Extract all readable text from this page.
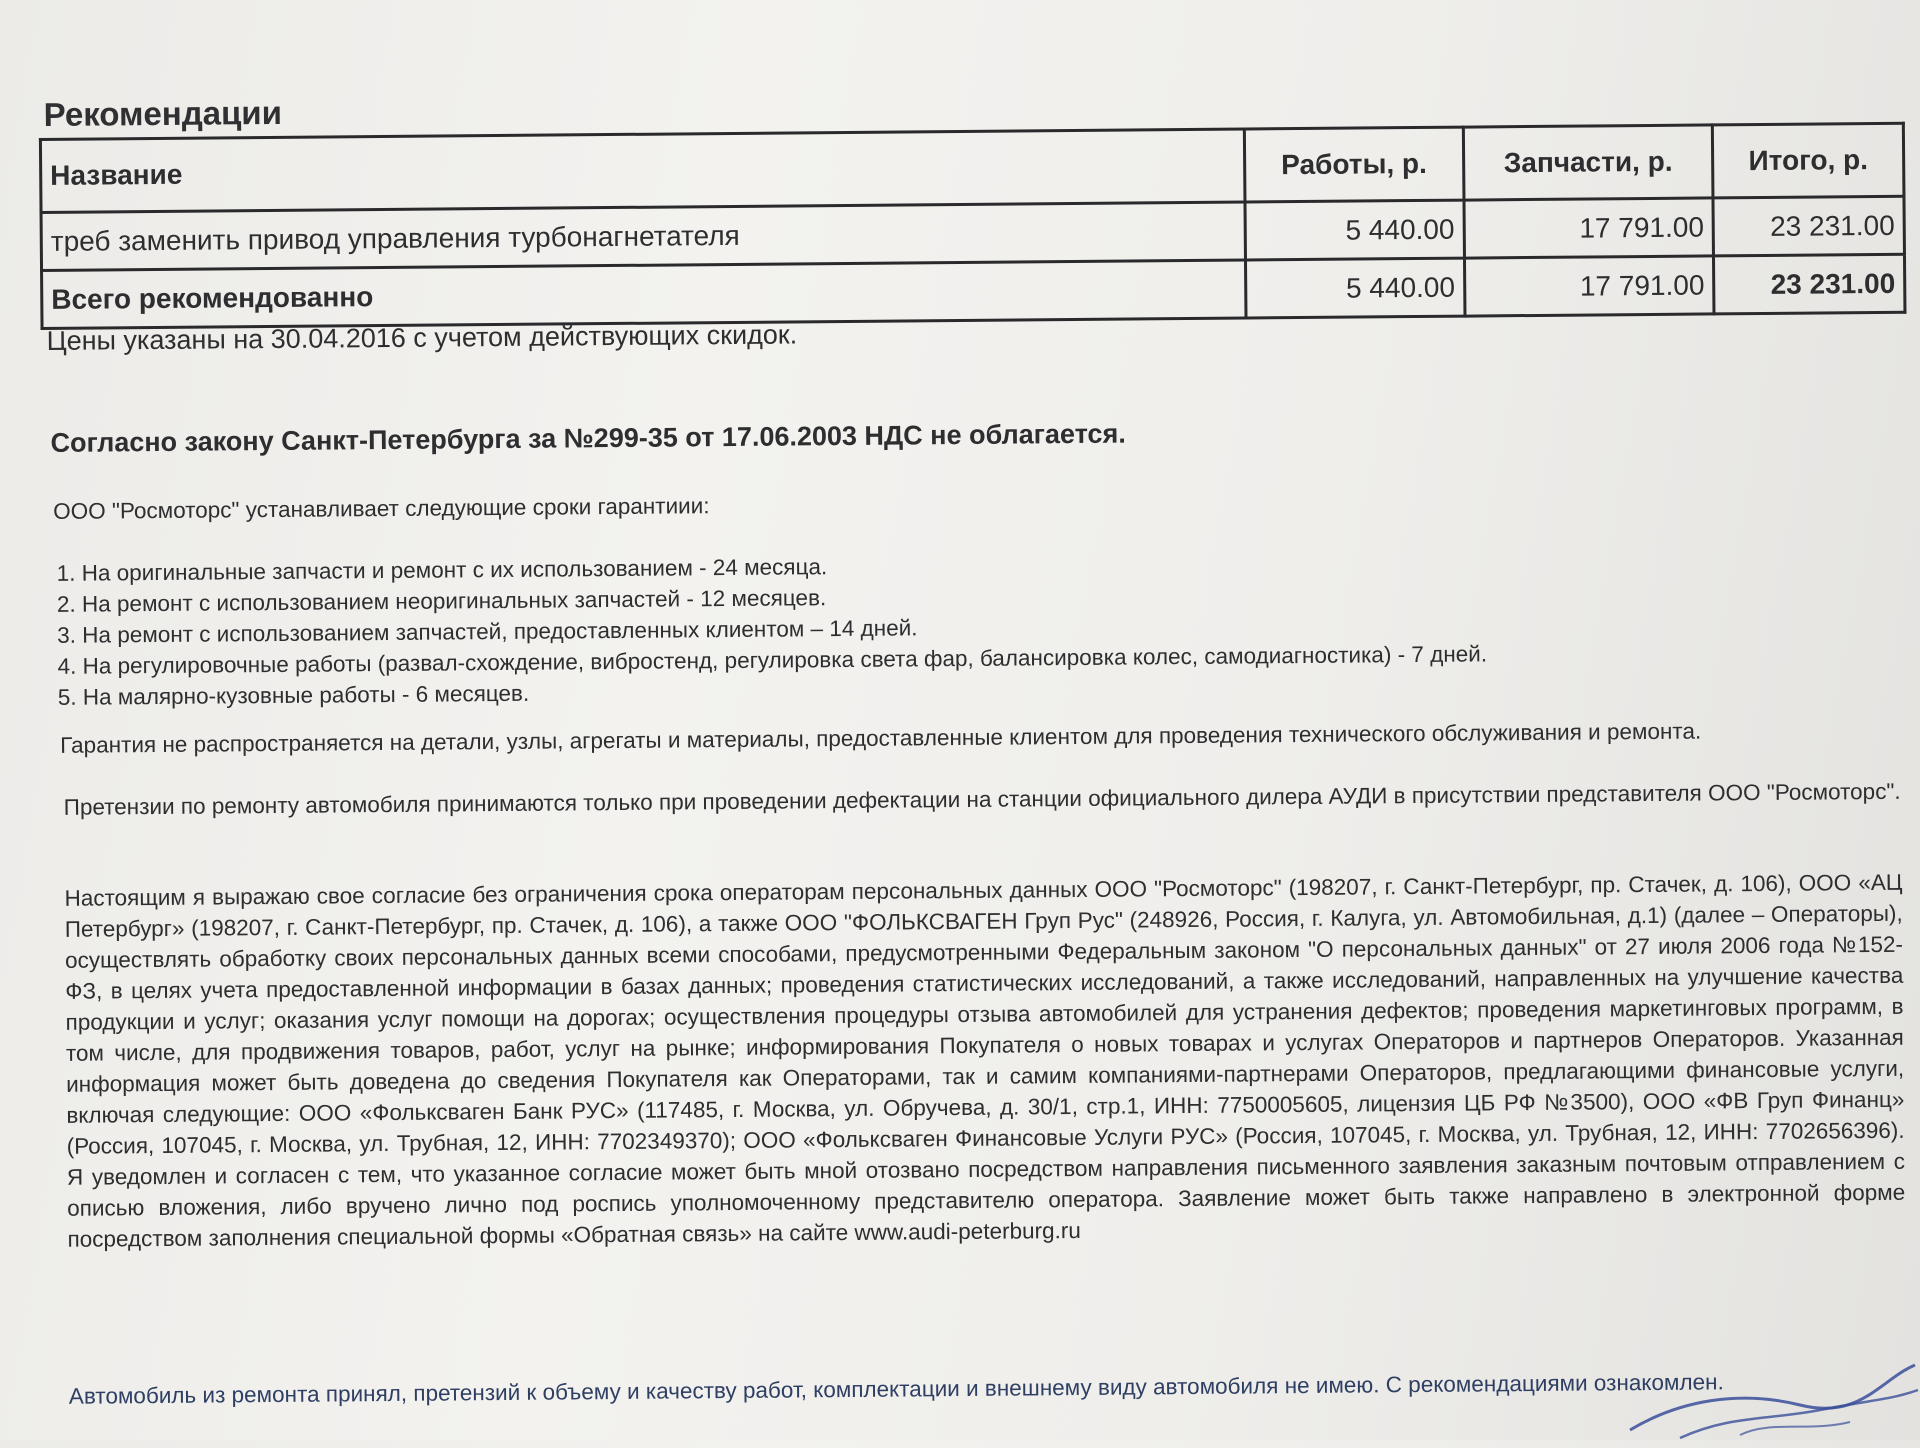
Рекомендации
Название	Работы, р.	Запчасти, р.	Итого, р.
треб заменить привод управления турбонагнетателя	5 440.00	17 791.00	23 231.00
Всего рекомендованно	5 440.00	17 791.00	23 231.00
Цены указаны на 30.04.2016 с учетом действующих скидок.
Согласно закону Санкт-Петербурга за №299-35 от 17.06.2003 НДС не облагается.
ООО "Росмоторс" устанавливает следующие сроки гарантиии:
1. На оригинальные запчасти и ремонт с их использованием - 24 месяца.
2. На ремонт с использованием неоригинальных запчастей - 12 месяцев.
3. На ремонт с использованием запчастей, предоставленных клиентом – 14 дней.
4. На регулировочные работы (развал-схождение, вибростенд, регулировка света фар, балансировка колес, самодиагностика) - 7 дней.
5. На малярно-кузовные работы - 6 месяцев.
Гарантия не распространяется на детали, узлы, агрегаты и материалы, предоставленные клиентом для проведения технического обслуживания и ремонта.
Претензии по ремонту автомобиля принимаются только при проведении дефектации на станции официального дилера АУДИ в присутствии представителя ООО "Росмоторс".
Настоящим я выражаю свое согласие без ограничения срока операторам персональных данных ООО "Росмоторс" (198207, г. Санкт-Петербург, пр. Стачек, д. 106), ООО «АЦ Петербург» (198207, г. Санкт-Петербург, пр. Стачек, д. 106), а также ООО "ФОЛЬКСВАГЕН Груп Рус" (248926, Россия, г. Калуга, ул. Автомобильная, д.1) (далее – Операторы), осуществлять обработку своих персональных данных всеми способами, предусмотренными Федеральным законом "О персональных данных" от 27 июля 2006 года №152-ФЗ, в целях учета предоставленной информации в базах данных; проведения статистических исследований, а также исследований, направленных на улучшение качества продукции и услуг; оказания услуг помощи на дорогах; осуществления процедуры отзыва автомобилей для устранения дефектов; проведения маркетинговых программ, в том числе, для продвижения товаров, работ, услуг на рынке; информирования Покупателя о новых товарах и услугах Операторов и партнеров Операторов. Указанная информация может быть доведена до сведения Покупателя как Операторами, так и самим компаниями-партнерами Операторов, предлагающими финансовые услуги, включая следующие: ООО «Фольксваген Банк РУС» (117485, г. Москва, ул. Обручева, д. 30/1, стр.1, ИНН: 7750005605, лицензия ЦБ РФ №3500), ООО «ФВ Груп Финанц» (Россия, 107045, г. Москва, ул. Трубная, 12, ИНН: 7702349370); ООО «Фольксваген Финансовые Услуги РУС» (Россия, 107045, г. Москва, ул. Трубная, 12, ИНН: 7702656396). Я уведомлен и согласен с тем, что указанное согласие может быть мной отозвано посредством направления письменного заявления заказным почтовым отправлением с описью вложения, либо вручено лично под роспись уполномоченному представителю оператора. Заявление может быть также направлено в электронной форме посредством заполнения специальной формы «Обратная связь» на сайте www.audi-peterburg.ru
Автомобиль из ремонта принял, претензий к объему и качеству работ, комплектации и внешнему виду автомобиля не имею. С рекомендациями ознакомлен.
